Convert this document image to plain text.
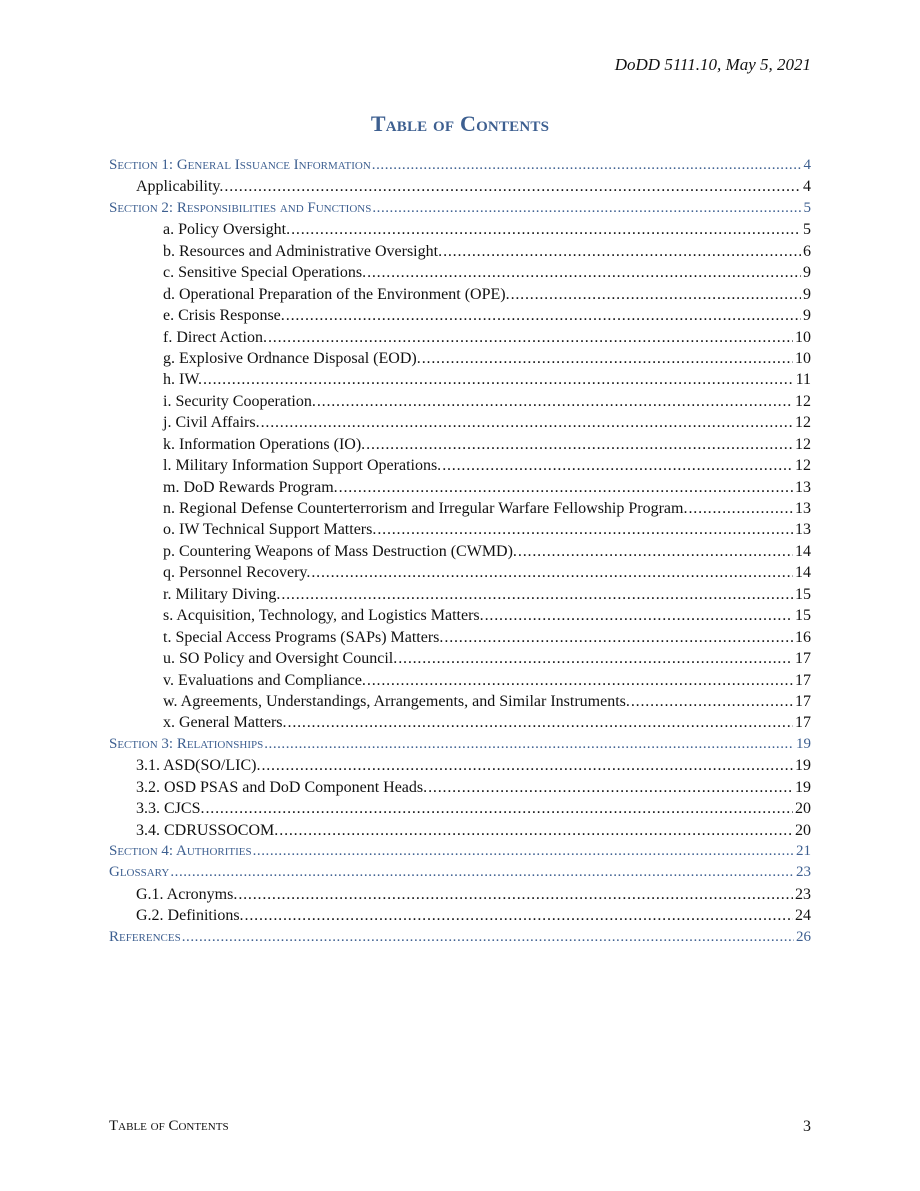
DoDD 5111.10, May 5, 2021
Table of Contents
Section 1: General Issuance Information . . .	4
Applicability. . . .	4
Section 2: Responsibilities and Functions . . .	5
a. Policy Oversight. . . .	5
b. Resources and Administrative Oversight. . . .	6
c. Sensitive Special Operations. . . .	9
d. Operational Preparation of the Environment (OPE). . . .	9
e. Crisis Response. . . .	9
f. Direct Action. . . .	10
g. Explosive Ordnance Disposal (EOD). . . .	10
h. IW. . . .	11
i. Security Cooperation. . . .	12
j. Civil Affairs. . . .	12
k. Information Operations (IO). . . .	12
l. Military Information Support Operations. . . .	12
m. DoD Rewards Program. . . .	13
n. Regional Defense Counterterrorism and Irregular Warfare Fellowship Program. . . .	13
o. IW Technical Support Matters. . . .	13
p. Countering Weapons of Mass Destruction (CWMD). . . .	14
q. Personnel Recovery. . . .	14
r. Military Diving. . . .	15
s. Acquisition, Technology, and Logistics Matters. . . .	15
t. Special Access Programs (SAPs) Matters. . . .	16
u. SO Policy and Oversight Council. . . .	17
v. Evaluations and Compliance. . . .	17
w. Agreements, Understandings, Arrangements, and Similar Instruments. . . .	17
x. General Matters. . . .	17
Section 3: Relationships . . .	19
3.1. ASD(SO/LIC). . . .	19
3.2. OSD PSAS and DoD Component Heads. . . .	19
3.3. CJCS. . . .	20
3.4. CDRUSSOCOM. . . .	20
Section 4: Authorities . . .	21
Glossary . . .	23
G.1. Acronyms. . . .	23
G.2. Definitions. . . .	24
References . . .	26
Table of Contents	3
